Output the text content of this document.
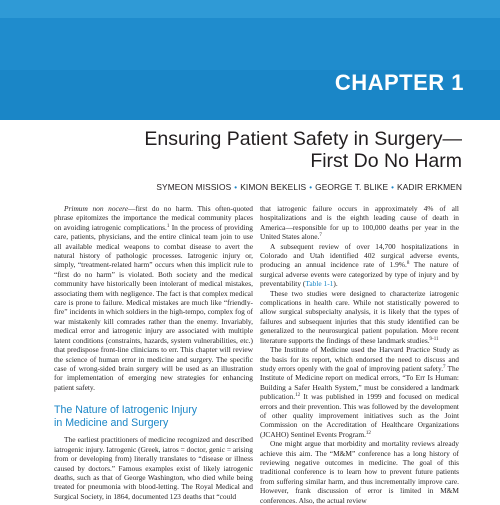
CHAPTER 1
Ensuring Patient Safety in Surgery—
First Do No Harm
SYMEON MISSIOS • KIMON BEKELIS • GEORGE T. BLIKE • KADIR ERKMEN

Primum non nocere—first do no harm. This often-quoted phrase epitomizes the importance the medical community places on avoiding iatrogenic complications.$^1$ In the process of providing care, patients, physicians, and the entire clinical team join to use all available medical weapons to combat disease to avert the natural history of pathologic processes. Iatrogenic injury or, simply, “treatment-related harm” occurs when this implicit rule to “first do no harm” is violated. Both society and the medical community have historically been intolerant of medical mistakes, associating them with negligence. The fact is that complex medical care is prone to failure. Medical mistakes are much like “friendly-fire” incidents in which soldiers in the high-tempo, complex fog of war mistakenly kill comrades rather than the enemy. Invariably, medical error and iatrogenic injury are associated with multiple latent conditions (constraints, hazards, system vulnerabilities, etc.) that predispose front-line clinicians to err. This chapter will review the science of human error in medicine and surgery. The specific case of wrong-sided brain surgery will be used as an illustration for implementation of emerging new strategies for enhancing patient safety.

The Nature of Iatrogenic Injury
in Medicine and Surgery

The earliest practitioners of medicine recognized and described iatrogenic injury. Iatrogenic (Greek, iatros = doctor, genic = arising from or developing from) literally translates to “disease or illness caused by doctors.” Famous examples exist of likely iatrogenic deaths, such as that of George Washington, who died while being treated for pneumonia with blood-letting. The Royal Medical and Surgical Society, in 1864, documented 123 deaths that “could

that iatrogenic failure occurs in approximately 4% of all hospitalizations and is the eighth leading cause of death in America—responsible for up to 100,000 deaths per year in the United States alone.$^7$

A subsequent review of over 14,700 hospitalizations in Colorado and Utah identified 402 surgical adverse events, producing an annual incidence rate of 1.9%.$^8$ The nature of surgical adverse events were categorized by type of injury and by preventability (Table 1-1).

These two studies were designed to characterize iatrogenic complications in health care. While not statistically powered to allow surgical subspecialty analysis, it is likely that the types of failures and subsequent injuries that this study identified can be generalized to the neurosurgical patient population. More recent literature supports the findings of these landmark studies.$^{9-11}$

The Institute of Medicine used the Harvard Practice Study as the basis for its report, which endorsed the need to discuss and study errors openly with the goal of improving patient safety.$^7$ The Institute of Medicine report on medical errors, “To Err Is Human: Building a Safer Health System,” must be considered a landmark publication.$^{12}$ It was published in 1999 and focused on medical errors and their prevention. This was followed by the development of other quality improvement initiatives such as the Joint Commission on the Accreditation of Healthcare Organizations (JCAHO) Sentinel Events Program.$^{12}$

One might argue that morbidity and mortality reviews already achieve this aim. The “M&M” conference has a long history of reviewing negative outcomes in medicine. The goal of this traditional conference is to learn how to prevent future patients from suffering similar harm, and thus incrementally improve care. However, frank discussion of error is limited in M&M conferences. Also, the actual review
